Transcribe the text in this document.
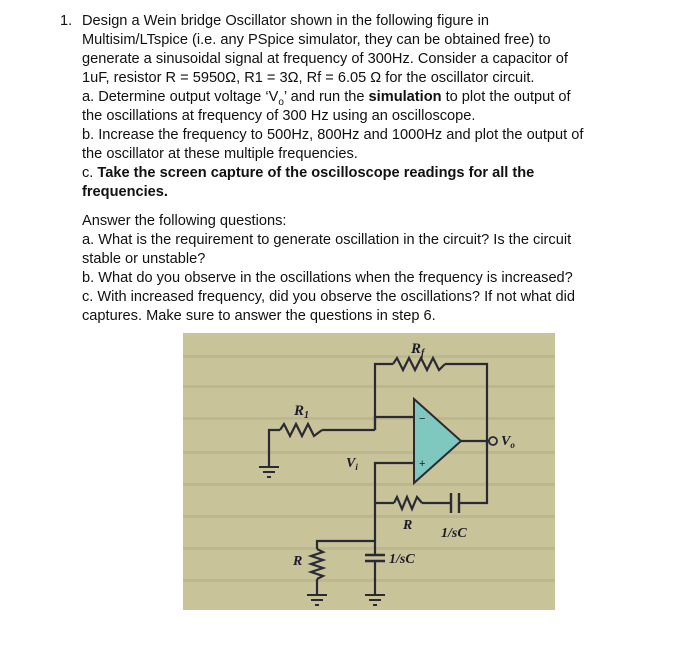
1. Design a Wein bridge Oscillator shown in the following figure in
Multisim/LTspice (i.e. any PSpice simulator, they can be obtained free) to
generate a sinusoidal signal at frequency of 300Hz. Consider a capacitor of
1uF, resistor R = 5950Ω, R1 = 3Ω, Rf = 6.05 Ω for the oscillator circuit.
a. Determine output voltage ‘$V_o$’ and run the simulation to plot the output of
the oscillations at frequency of 300 Hz using an oscilloscope.
b. Increase the frequency to 500Hz, 800Hz and 1000Hz and plot the output of
the oscillator at these multiple frequencies.
c. Take the screen capture of the oscilloscope readings for all the
frequencies.
Answer the following questions:
a. What is the requirement to generate oscillation in the circuit? Is the circuit
stable or unstable?
b. What do you observe in the oscillations when the frequency is increased?
c. With increased frequency, did you observe the oscillations? If not what did
captures. Make sure to answer the questions in step 6.
−
+
$R_f$
$R_1$
$V_i$
$V_o$
R
1/sC
R	1/sC
